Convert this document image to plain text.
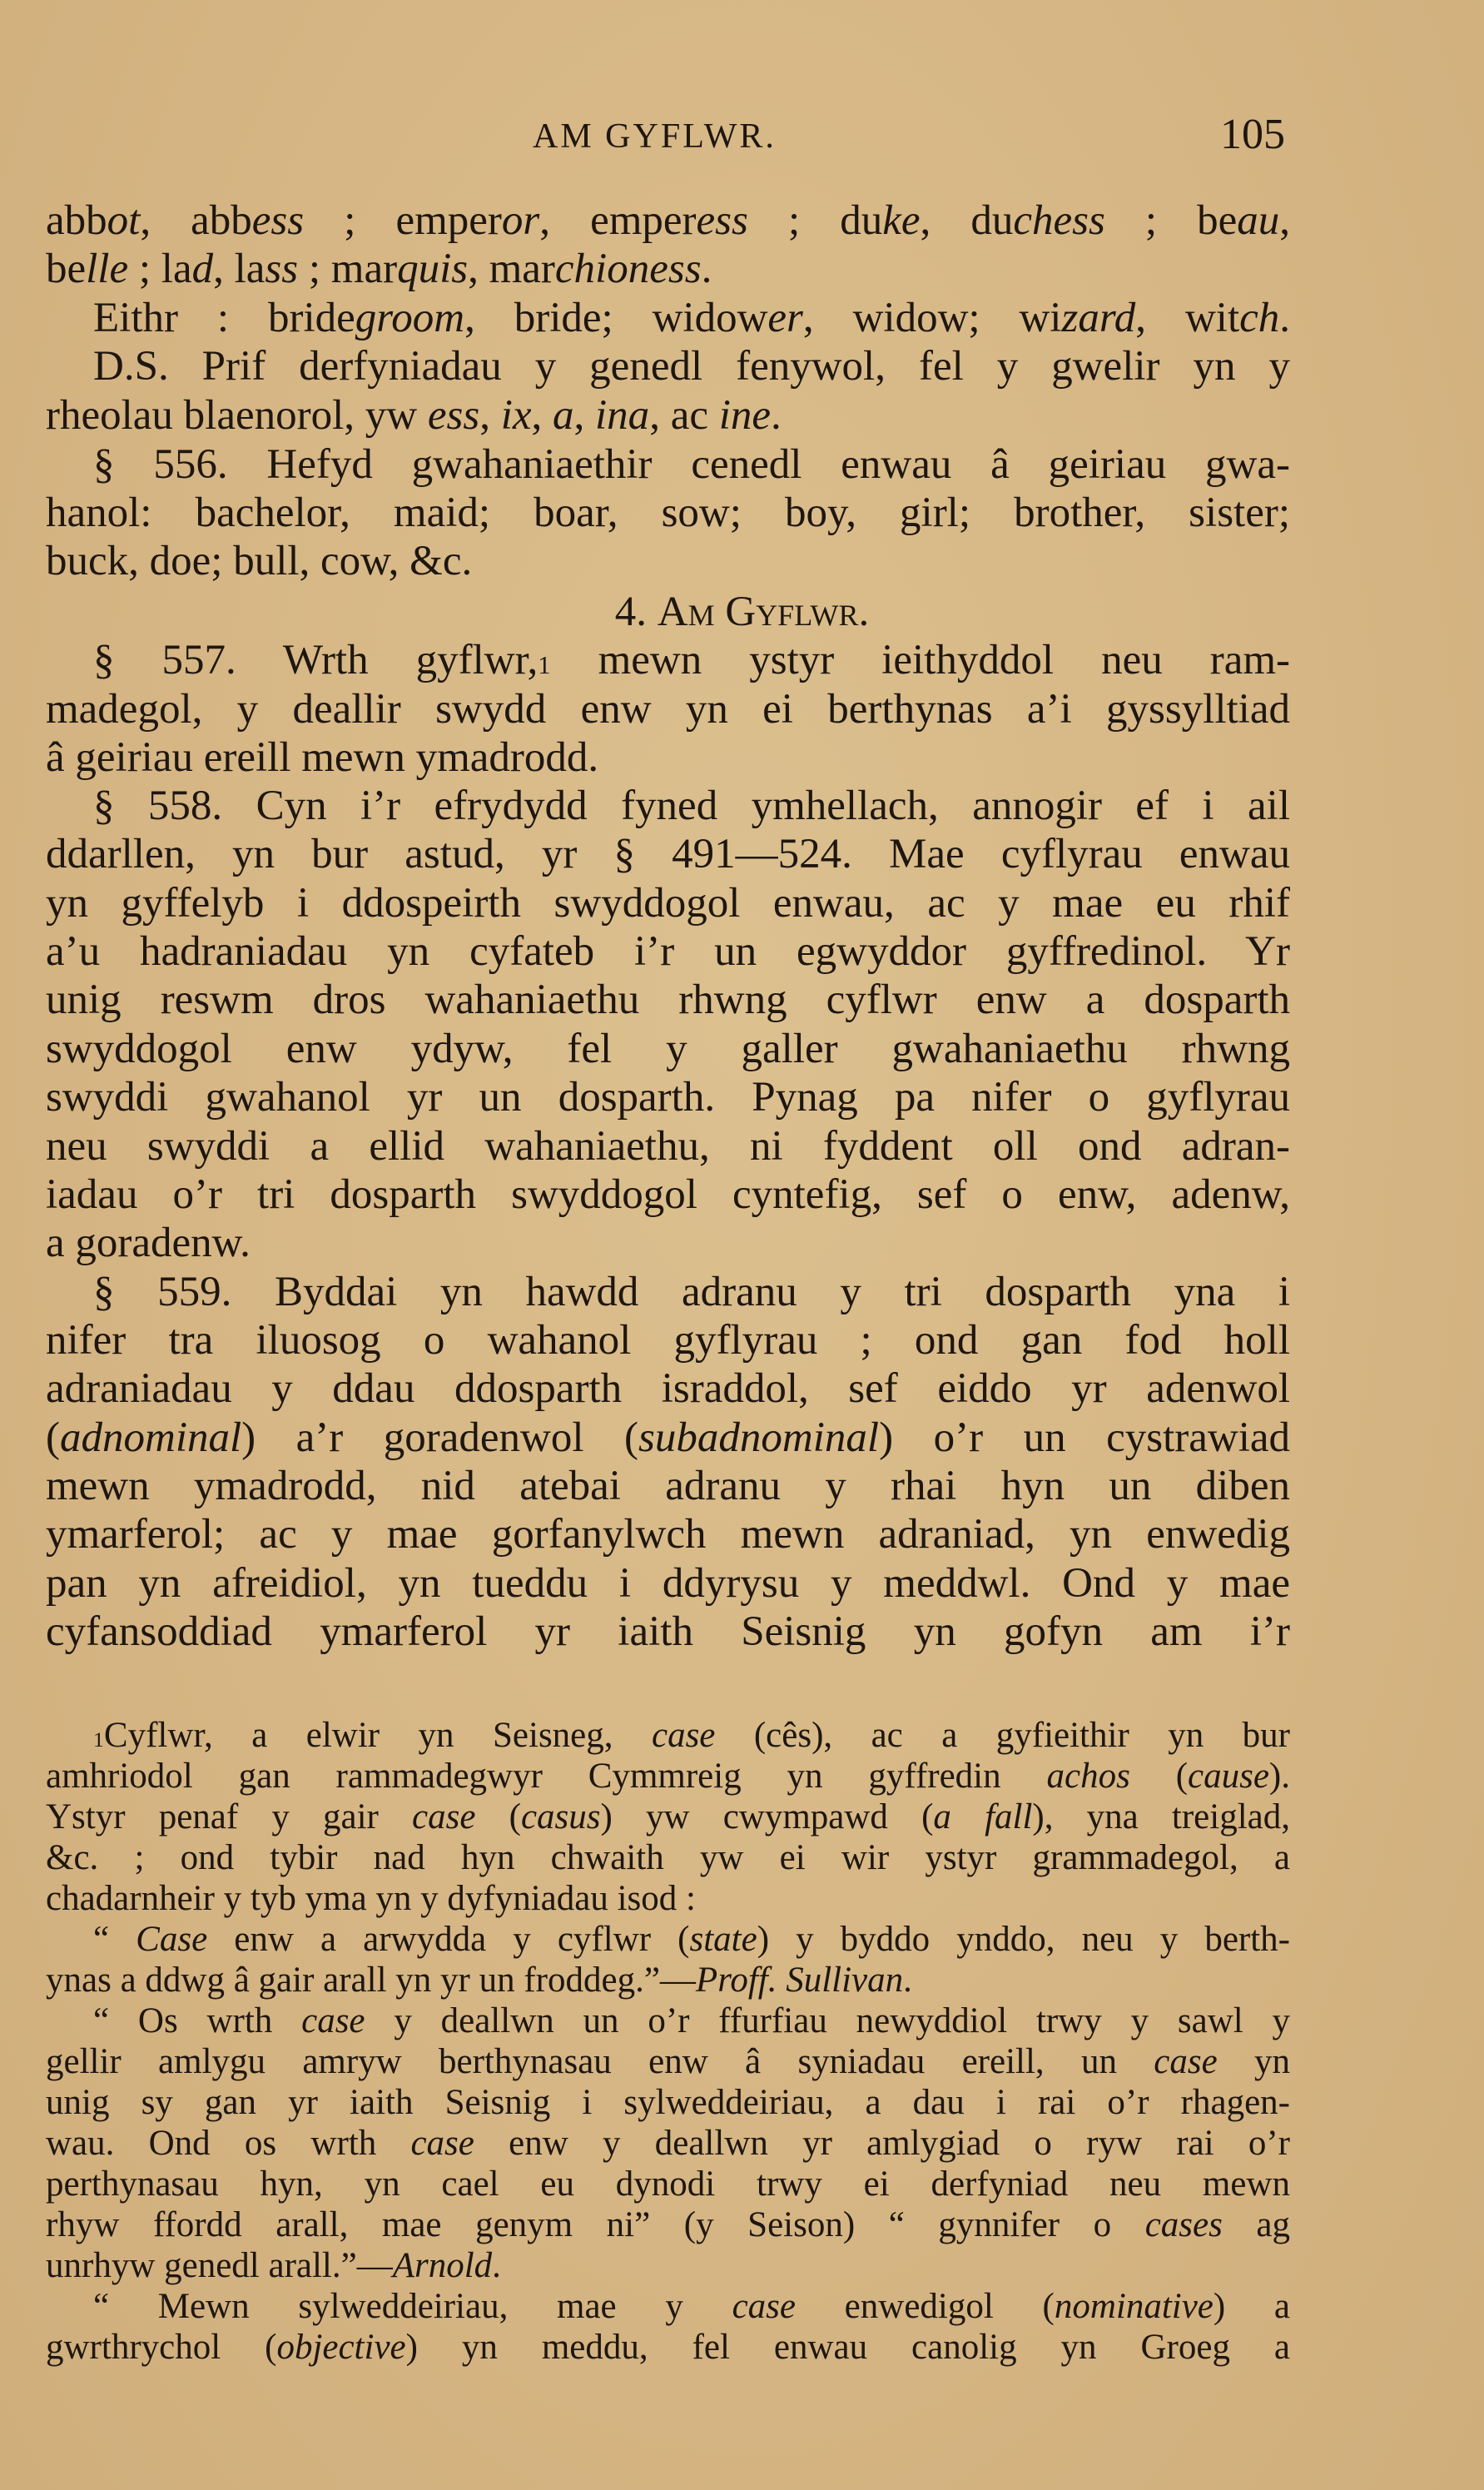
AM GYFLWR.	105
abbot, abbess ; emperor, emperess ; duke, duchess ; beau,
belle ; lad, lass ; marquis, marchioness.
Eithr : bridegroom, bride; widower, widow; wizard, witch.
D.S. Prif derfyniadau y genedl fenywol, fel y gwelir yn y
rheolau blaenorol, yw ess, ix, a, ina, ac ine.
§ 556. Hefyd gwahaniaethir cenedl enwau â geiriau gwa-
hanol: bachelor, maid; boar, sow; boy, girl; brother, sister;
buck, doe; bull, cow, &c.
4. Am Gyflwr.
§ 557. Wrth gyflwr,$^1$ mewn ystyr ieithyddol neu ram-
madegol, y deallir swydd enw yn ei berthynas a’i gyssylltiad
â geiriau ereill mewn ymadrodd.
§ 558. Cyn i’r efrydydd fyned ymhellach, annogir ef i ail
ddarllen, yn bur astud, yr § 491—524. Mae cyflyrau enwau
yn gyffelyb i ddospeirth swyddogol enwau, ac y mae eu rhif
a’u hadraniadau yn cyfateb i’r un egwyddor gyffredinol. Yr
unig reswm dros wahaniaethu rhwng cyflwr enw a dosparth
swyddogol enw ydyw, fel y galler gwahaniaethu rhwng
swyddi gwahanol yr un dosparth. Pynag pa nifer o gyflyrau
neu swyddi a ellid wahaniaethu, ni fyddent oll ond adran-
iadau o’r tri dosparth swyddogol cyntefig, sef o enw, adenw,
a goradenw.
§ 559. Byddai yn hawdd adranu y tri dosparth yna i
nifer tra iluosog o wahanol gyflyrau ; ond gan fod holl
adraniadau y ddau ddosparth israddol, sef eiddo yr adenwol
(adnominal) a’r goradenwol (subadnominal) o’r un cystrawiad
mewn ymadrodd, nid atebai adranu y rhai hyn un diben
ymarferol; ac y mae gorfanylwch mewn adraniad, yn enwedig
pan yn afreidiol, yn tueddu i ddyrysu y meddwl. Ond y mae
cyfansoddiad ymarferol yr iaith Seisnig yn gofyn am i’r
$^1$Cyflwr, a elwir yn Seisneg, case (cês), ac a gyfieithir yn bur
amhriodol gan rammadegwyr Cymmreig yn gyffredin achos (cause).
Ystyr penaf y gair case (casus) yw cwympawd (a fall), yna treiglad,
&c. ; ond tybir nad hyn chwaith yw ei wir ystyr grammadegol, a
chadarnheir y tyb yma yn y dyfyniadau isod :
“ Case enw a arwydda y cyflwr (state) y byddo ynddo, neu y berth-
ynas a ddwg â gair arall yn yr un froddeg.”—Proff. Sullivan.
“ Os wrth case y deallwn un o’r ffurfiau newyddiol trwy y sawl y
gellir amlygu amryw berthynasau enw â syniadau ereill, un case yn
unig sy gan yr iaith Seisnig i sylweddeiriau, a dau i rai o’r rhagen-
wau. Ond os wrth case enw y deallwn yr amlygiad o ryw rai o’r
perthynasau hyn, yn cael eu dynodi trwy ei derfyniad neu mewn
rhyw ffordd arall, mae genym ni” (y Seison) “ gynnifer o cases ag
unrhyw genedl arall.”—Arnold.
“ Mewn sylweddeiriau, mae y case enwedigol (nominative) a
gwrthrychol (objective) yn meddu, fel enwau canolig yn Groeg a
